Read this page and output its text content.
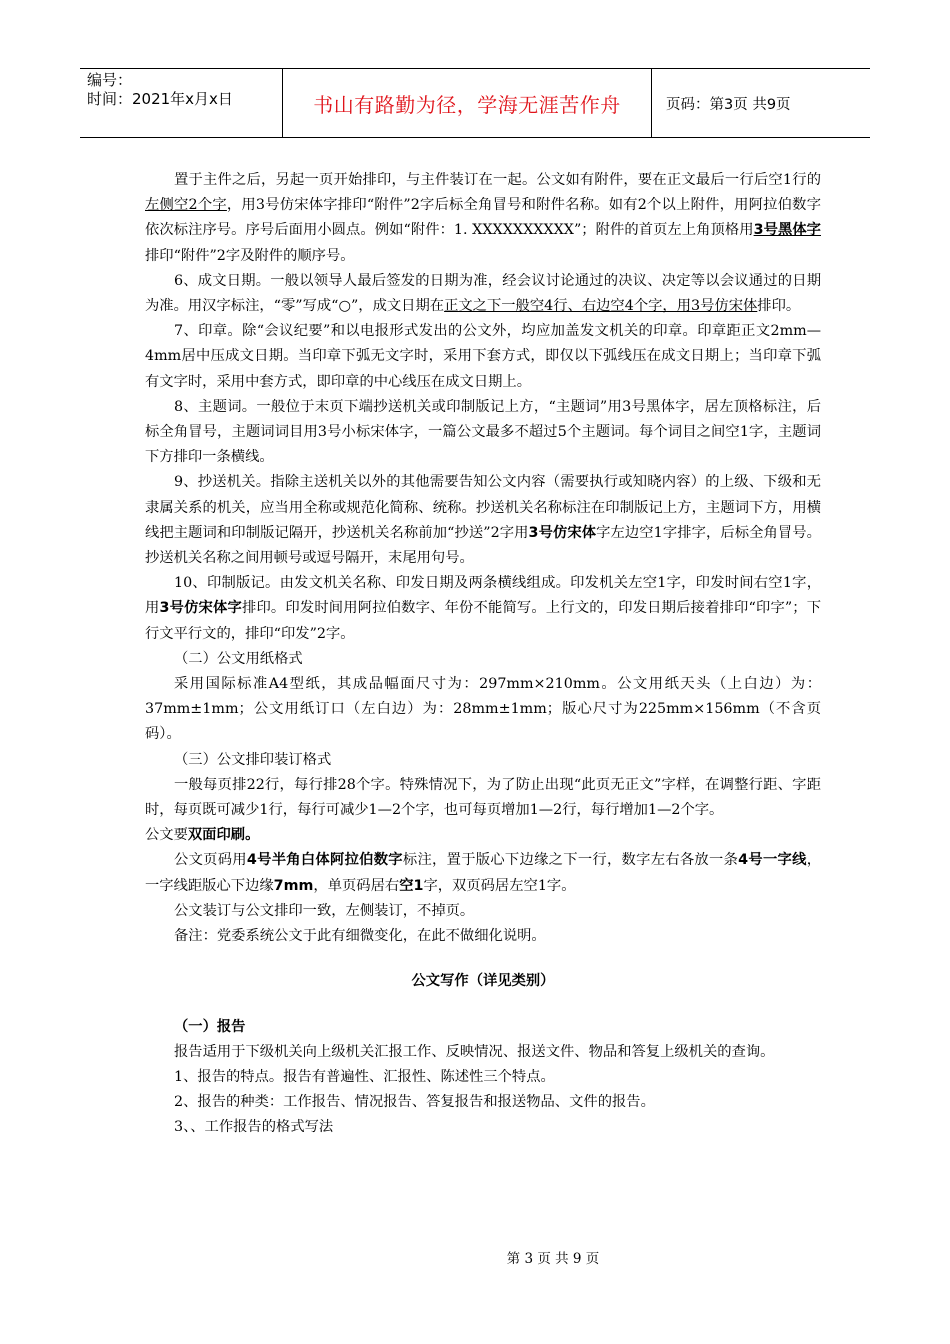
编号：
时间：2021年x月x日	书山有路勤为径，学海无涯苦作舟	页码：第3页 共9页

置于主件之后，另起一页开始排印，与主件装订在一起。公文如有附件，要在正文最后一行后空1行的左侧空2个字，用3号仿宋体字排印“附件”2字后标全角冒号和附件名称。如有2个以上附件，用阿拉伯数字依次标注序号。序号后面用小圆点。例如“附件：1. XXXXXXXXXX”；附件的首页左上角顶格用3号黑体字排印“附件”2字及附件的顺序号。

6、成文日期。一般以领导人最后签发的日期为准，经会议讨论通过的决议、决定等以会议通过的日期为准。用汉字标注，“零”写成“○”，成文日期在正文之下一般空4行、右边空4个字，用3号仿宋体排印。

7、印章。除“会议纪要”和以电报形式发出的公文外，均应加盖发文机关的印章。印章距正文2mm—4mm居中压成文日期。当印章下弧无文字时，采用下套方式，即仅以下弧线压在成文日期上；当印章下弧有文字时，采用中套方式，即印章的中心线压在成文日期上。

8、主题词。一般位于末页下端抄送机关或印制版记上方，“主题词”用3号黑体字，居左顶格标注，后标全角冒号，主题词词目用3号小标宋体字，一篇公文最多不超过5个主题词。每个词目之间空1字，主题词下方排印一条横线。

9、抄送机关。指除主送机关以外的其他需要告知公文内容（需要执行或知晓内容）的上级、下级和无隶属关系的机关，应当用全称或规范化简称、统称。抄送机关名称标注在印制版记上方，主题词下方，用横线把主题词和印制版记隔开，抄送机关名称前加“抄送”2字用3号仿宋体字左边空1字排字，后标全角冒号。抄送机关名称之间用顿号或逗号隔开，末尾用句号。

10、印制版记。由发文机关名称、印发日期及两条横线组成。印发机关左空1字，印发时间右空1字，用3号仿宋体字排印。印发时间用阿拉伯数字、年份不能简写。上行文的，印发日期后接着排印“印字”；下行文平行文的，排印“印发”2字。

（二）公文用纸格式

采用国际标准A4型纸，其成品幅面尺寸为：297mm×210mm。公文用纸天头（上白边）为：37mm±1mm；公文用纸订口（左白边）为：28mm±1mm；版心尺寸为225mm×156mm（不含页码）。

（三）公文排印装订格式

一般每页排22行，每行排28个字。特殊情况下，为了防止出现“此页无正文”字样，在调整行距、字距时，每页既可减少1行，每行可减少1—2个字，也可每页增加1—2行，每行增加1—2个字。

公文要双面印刷。

公文页码用4号半角白体阿拉伯数字标注，置于版心下边缘之下一行，数字左右各放一条4号一字线，一字线距版心下边缘7mm，单页码居右空1字，双页码居左空1字。

公文装订与公文排印一致，左侧装订，不掉页。

备注：党委系统公文于此有细微变化，在此不做细化说明。

公文写作（详见类别）

（一）报告

报告适用于下级机关向上级机关汇报工作、反映情况、报送文件、物品和答复上级机关的查询。

1、报告的特点。报告有普遍性、汇报性、陈述性三个特点。

2、报告的种类：工作报告、情况报告、答复报告和报送物品、文件的报告。

3、、工作报告的格式写法

第 3 页 共 9 页
